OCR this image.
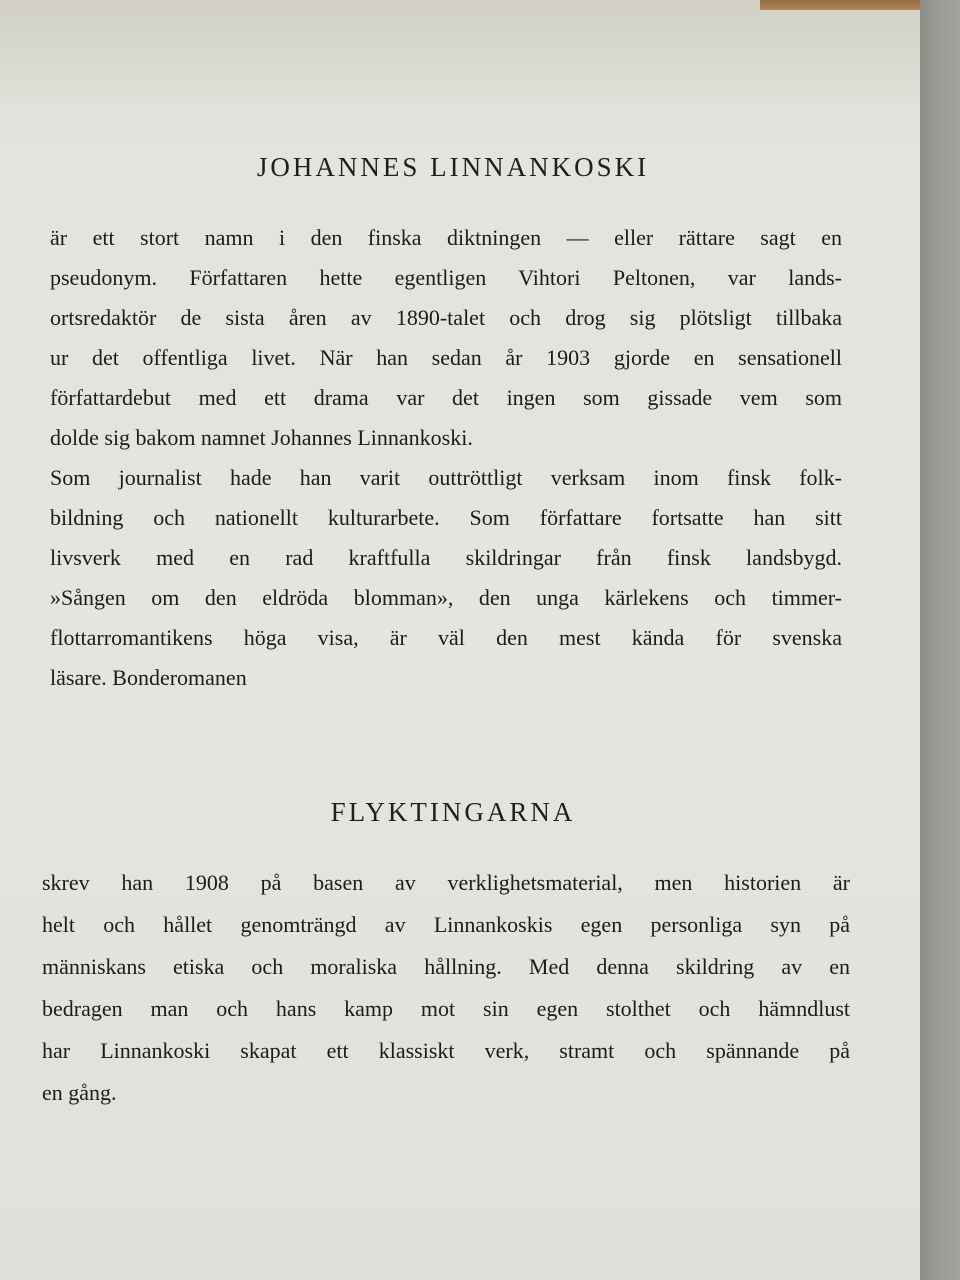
JOHANNES LINNANKOSKI
är ett stort namn i den finska diktningen — eller rättare sagt en
pseudonym. Författaren hette egentligen Vihtori Peltonen, var lands-
ortsredaktör de sista åren av 1890-talet och drog sig plötsligt tillbaka
ur det offentliga livet. När han sedan år 1903 gjorde en sensationell
författardebut med ett drama var det ingen som gissade vem som
dolde sig bakom namnet Johannes Linnankoski.
Som journalist hade han varit outtröttligt verksam inom finsk folk-
bildning och nationellt kulturarbete. Som författare fortsatte han sitt
livsverk med en rad kraftfulla skildringar från finsk landsbygd.
»Sången om den eldröda blomman», den unga kärlekens och timmer-
flottarromantikens höga visa, är väl den mest kända för svenska
läsare. Bonderomanen
FLYKTINGARNA
skrev han 1908 på basen av verklighetsmaterial, men historien är
helt och hållet genomträngd av Linnankoskis egen personliga syn på
människans etiska och moraliska hållning. Med denna skildring av en
bedragen man och hans kamp mot sin egen stolthet och hämndlust
har Linnankoski skapat ett klassiskt verk, stramt och spännande på
en gång.
